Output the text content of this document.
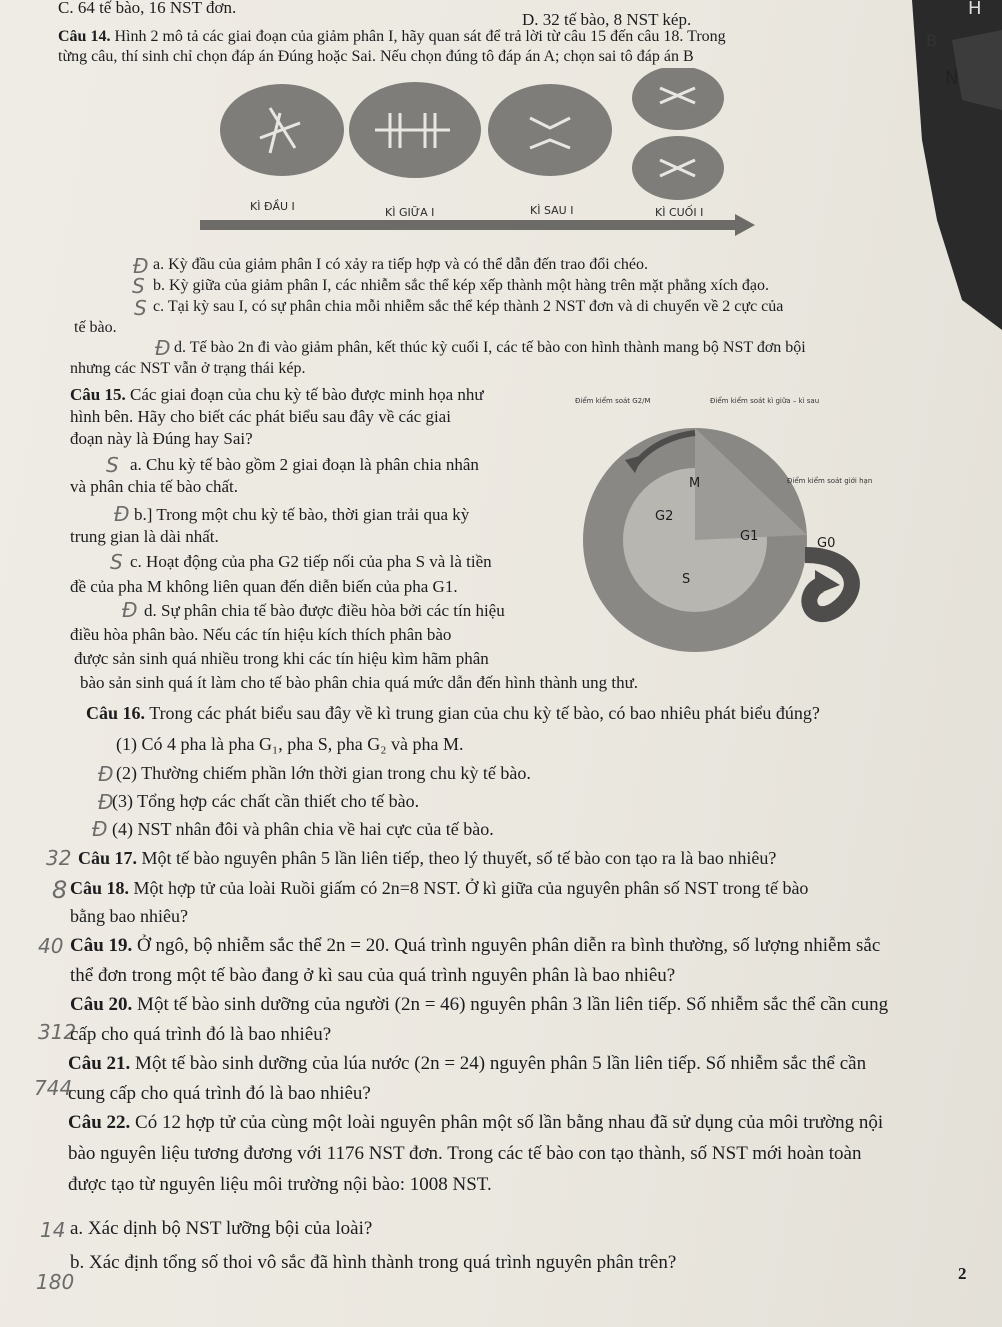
H
B
N
C. 64 tế bào, 16 NST đơn.
D. 32 tế bào, 8 NST kép.
Câu 14. Hình 2 mô tả các giai đoạn của giảm phân I, hãy quan sát để trả lời từ câu 15 đến câu 18. Trong
từng câu, thí sinh chỉ chọn đáp án Đúng hoặc Sai. Nếu chọn đúng tô đáp án A; chọn sai tô đáp án B
KÌ ĐẦU I	KÌ GIỮA I	KÌ SAU I	KÌ CUỐI I
Đ a. Kỳ đầu của giảm phân I có xảy ra tiếp hợp và có thể dẫn đến trao đổi chéo.
S b. Kỳ giữa của giảm phân I, các nhiễm sắc thể kép xếp thành một hàng trên mặt phẳng xích đạo.
S c. Tại kỳ sau I, có sự phân chia mỗi nhiễm sắc thể kép thành 2 NST đơn và di chuyển về 2 cực của
tế bào.
Đ d. Tế bào 2n đi vào giảm phân, kết thúc kỳ cuối I, các tế bào con hình thành mang bộ NST đơn bội
nhưng các NST vẫn ở trạng thái kép.
Câu 15. Các giai đoạn của chu kỳ tế bào được minh họa như
hình bên. Hãy cho biết các phát biểu sau đây về các giai
đoạn này là Đúng hay Sai?
S a. Chu kỳ tế bào gồm 2 giai đoạn là phân chia nhân
và phân chia tế bào chất.
Đ b.] Trong một chu kỳ tế bào, thời gian trải qua kỳ
trung gian là dài nhất.
S c. Hoạt động của pha G2 tiếp nối của pha S và là tiền
đề của pha M không liên quan đến diễn biến của pha G1.
Đ d. Sự phân chia tế bào được điều hòa bởi các tín hiệu
điều hòa phân bào. Nếu các tín hiệu kích thích phân bào
được sản sinh quá nhiều trong khi các tín hiệu kìm hãm phân
bào sản sinh quá ít làm cho tế bào phân chia quá mức dẫn đến hình thành ung thư.
Điểm kiểm soát G2/M	Điểm kiểm soát kì giữa – kì sau
Điểm kiểm soát giới hạn
M
G2
G1	G0
S
Câu 16. Trong các phát biểu sau đây về kì trung gian của chu kỳ tế bào, có bao nhiêu phát biểu đúng?
(1) Có 4 pha là pha G₁, pha S, pha G₂ và pha M.
Đ (2) Thường chiếm phần lớn thời gian trong chu kỳ tế bào.
Đ
(3) Tổng hợp các chất cần thiết cho tế bào.
Đ (4) NST nhân đôi và phân chia về hai cực của tế bào.
32 Câu 17. Một tế bào nguyên phân 5 lần liên tiếp, theo lý thuyết, số tế bào con tạo ra là bao nhiêu?
8 Câu 18. Một hợp tử của loài Ruồi giấm có 2n=8 NST. Ở kì giữa của nguyên phân số NST trong tế bào
bằng bao nhiêu?
40 Câu 19. Ở ngô, bộ nhiễm sắc thể 2n = 20. Quá trình nguyên phân diễn ra bình thường, số lượng nhiễm sắc
thể đơn trong một tế bào đang ở kì sau của quá trình nguyên phân là bao nhiêu?
Câu 20. Một tế bào sinh dưỡng của người (2n = 46) nguyên phân 3 lần liên tiếp. Số nhiễm sắc thể cần cung
312
cấp cho quá trình đó là bao nhiêu?
Câu 21. Một tế bào sinh dưỡng của lúa nước (2n = 24) nguyên phân 5 lần liên tiếp. Số nhiễm sắc thể cần
744
cung cấp cho quá trình đó là bao nhiêu?
Câu 22. Có 12 hợp tử của cùng một loài nguyên phân một số lần bằng nhau đã sử dụng của môi trường nội
bào nguyên liệu tương đương với 1176 NST đơn. Trong các tế bào con tạo thành, số NST mới hoàn toàn
được tạo từ nguyên liệu môi trường nội bào: 1008 NST.
14 a. Xác dịnh bộ NST lưỡng bội của loài?
180
b. Xác định tổng số thoi vô sắc đã hình thành trong quá trình nguyên phân trên?
2
